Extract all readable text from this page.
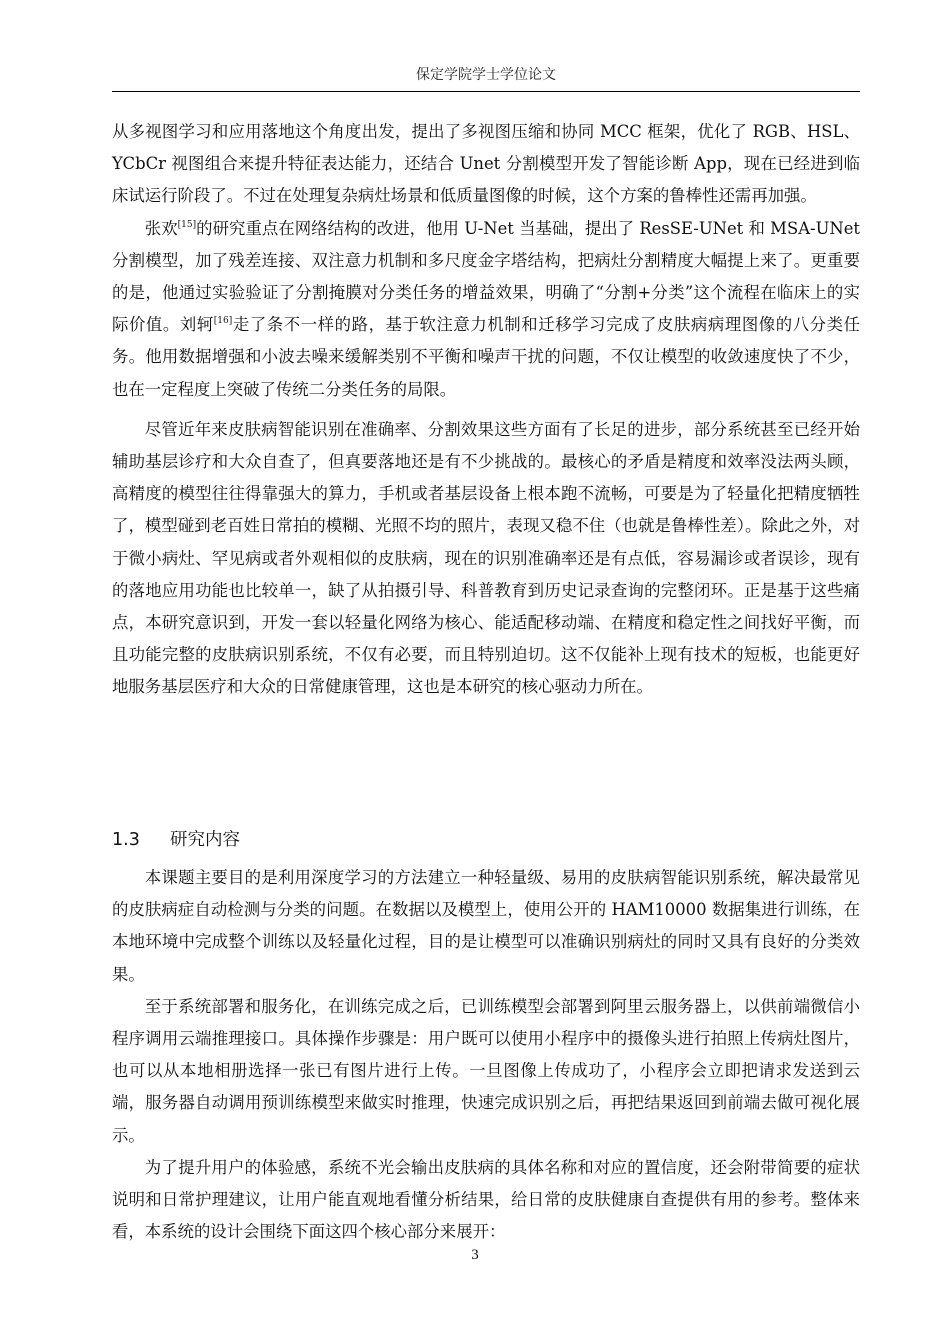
保定学院学士学位论文

从多视图学习和应用落地这个角度出发，提出了多视图压缩和协同 MCC 框架，优化了 RGB、HSL、YCbCr 视图组合来提升特征表达能力，还结合 Unet 分割模型开发了智能诊断 App，现在已经进到临床试运行阶段了。不过在处理复杂病灶场景和低质量图像的时候，这个方案的鲁棒性还需再加强。

张欢[15]的研究重点在网络结构的改进，他用 U-Net 当基础，提出了 ResSE-UNet 和 MSA-UNet 分割模型，加了残差连接、双注意力机制和多尺度金字塔结构，把病灶分割精度大幅提上来了。更重要的是，他通过实验验证了分割掩膜对分类任务的增益效果，明确了“分割+分类”这个流程在临床上的实际价值。刘轲[16]走了条不一样的路，基于软注意力机制和迁移学习完成了皮肤病病理图像的八分类任务。他用数据增强和小波去噪来缓解类别不平衡和噪声干扰的问题，不仅让模型的收敛速度快了不少，也在一定程度上突破了传统二分类任务的局限。

尽管近年来皮肤病智能识别在准确率、分割效果这些方面有了长足的进步，部分系统甚至已经开始辅助基层诊疗和大众自查了，但真要落地还是有不少挑战的。最核心的矛盾是精度和效率没法两头顾，高精度的模型往往得靠强大的算力，手机或者基层设备上根本跑不流畅，可要是为了轻量化把精度牺牲了，模型碰到老百姓日常拍的模糊、光照不均的照片，表现又稳不住（也就是鲁棒性差）。除此之外，对于微小病灶、罕见病或者外观相似的皮肤病，现在的识别准确率还是有点低，容易漏诊或者误诊，现有的落地应用功能也比较单一，缺了从拍摄引导、科普教育到历史记录查询的完整闭环。正是基于这些痛点，本研究意识到，开发一套以轻量化网络为核心、能适配移动端、在精度和稳定性之间找好平衡，而且功能完整的皮肤病识别系统，不仅有必要，而且特别迫切。这不仅能补上现有技术的短板，也能更好地服务基层医疗和大众的日常健康管理，这也是本研究的核心驱动力所在。

1.3 研究内容

本课题主要目的是利用深度学习的方法建立一种轻量级、易用的皮肤病智能识别系统，解决最常见的皮肤病症自动检测与分类的问题。在数据以及模型上，使用公开的 HAM10000 数据集进行训练，在本地环境中完成整个训练以及轻量化过程，目的是让模型可以准确识别病灶的同时又具有良好的分类效果。

至于系统部署和服务化，在训练完成之后，已训练模型会部署到阿里云服务器上，以供前端微信小程序调用云端推理接口。具体操作步骤是：用户既可以使用小程序中的摄像头进行拍照上传病灶图片，也可以从本地相册选择一张已有图片进行上传。一旦图像上传成功了，小程序会立即把请求发送到云端，服务器自动调用预训练模型来做实时推理，快速完成识别之后，再把结果返回到前端去做可视化展示。

为了提升用户的体验感，系统不光会输出皮肤病的具体名称和对应的置信度，还会附带简要的症状说明和日常护理建议，让用户能直观地看懂分析结果，给日常的皮肤健康自查提供有用的参考。整体来看，本系统的设计会围绕下面这四个核心部分来展开：

3
